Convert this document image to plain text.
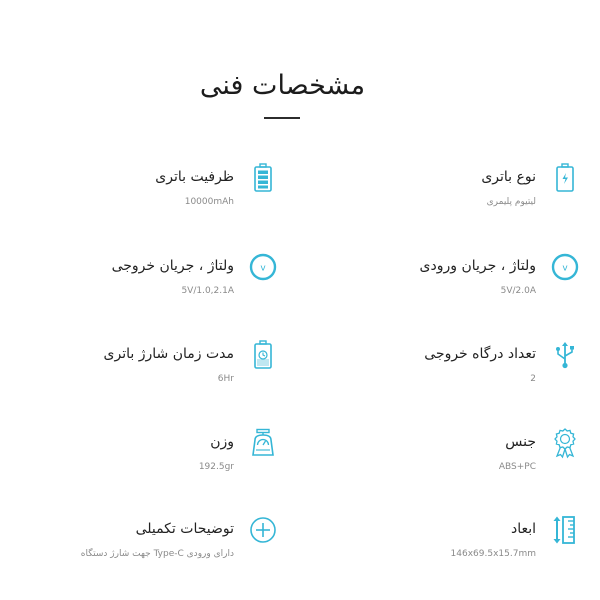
مشخصات فنی
نوع باتری
لیتیوم پلیمری
ظرفیت باتری
10000mAh
v
ولتاژ ، جریان ورودی
5V/2.0A
v
ولتاژ ، جریان خروجی
5V/1.0,2.1A
تعداد درگاه خروجی
2
مدت زمان شارژ باتری
6Hr
جنس
ABS+PC
وزن
192.5gr
ابعاد
146x69.5x15.7mm
توضیحات تکمیلی
دارای ورودی Type-C جهت شارژ دستگاه
